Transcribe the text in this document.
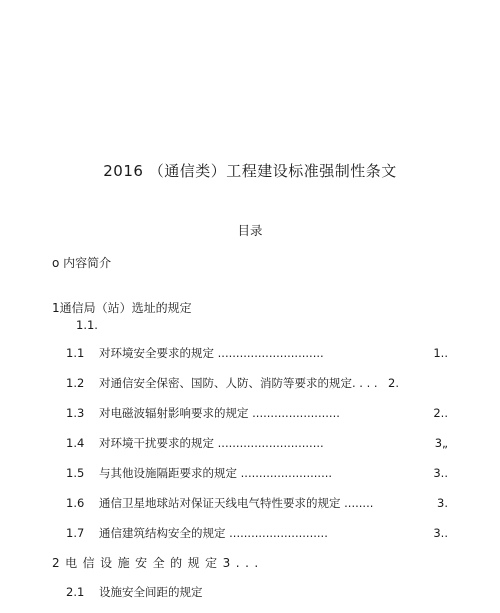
2016 （通信类）工程建设标准强制性条文
目录
o 内容简介
1通信局（站）选址的规定
1.1.
1.1	对环境安全要求的规定 .............................	1..
1.2	对通信安全保密、国防、人防、消防等要求的规定. . . . 2.
1.3	对电磁波辐射影响要求的规定 ........................	2..
1.4	对环境干扰要求的规定 .............................	3„
1.5	与其他设施隔距要求的规定 .........................	3..
1.6	通信卫星地球站对保证天线电气特性要求的规定 ........	3.
1.7	通信建筑结构安全的规定 ...........................	3..
2电信设施安全的规定3...
2.1	设施安全间距的规定
